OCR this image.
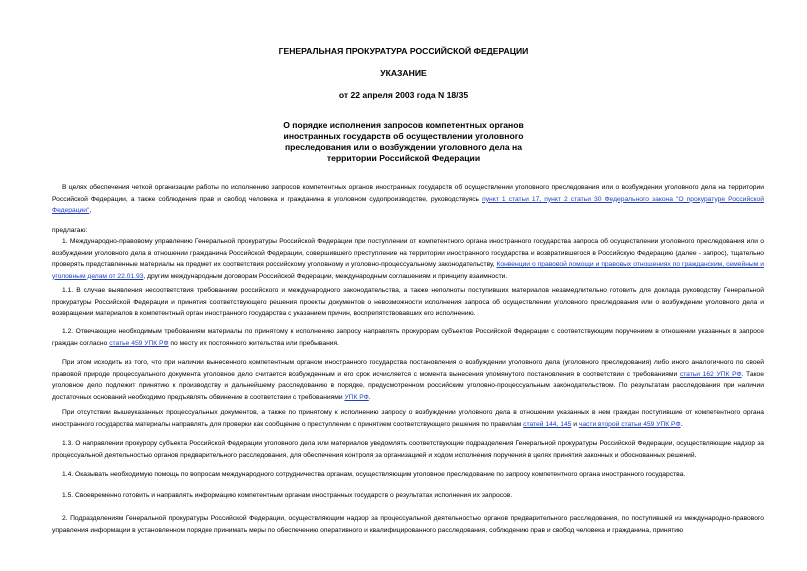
ГЕНЕРАЛЬНАЯ ПРОКУРАТУРА РОССИЙСКОЙ ФЕДЕРАЦИИ

УКАЗАНИЕ

от 22 апреля 2003 года N 18/35

О порядке исполнения запросов компетентных органов

иностранных государств об осуществлении уголовного

преследования или о возбуждении уголовного дела на

территории Российской Федерации

В целях обеспечения четкой организации работы по исполнению запросов компетентных органов иностранных государств об осуществлении уголовного преследования или о возбуждении уголовного дела на территории Российской Федерации, а также соблюдения прав и свобод человека и гражданина в уголовном судопроизводстве, руководствуясь пункт 1 статьи 17, пункт 2 статьи 30 Федерального закона "О прокуратуре Российской Федерации",

предлагаю:

1. Международно-правовому управлению Генеральной прокуратуры Российской Федерации при поступлении от компетентного органа иностранного государства запроса об осуществлении уголовного преследования или о возбуждении уголовного дела в отношении гражданина Российской Федерации, совершившего преступление на территории иностранного государства и возвратившегося в Российскую Федерацию (далее - запрос), тщательно проверять представленные материалы на предмет их соответствия российскому уголовному и уголовно-процессуальному законодательству, Конвенции о правовой помощи и правовых отношениях по гражданским, семейным и уголовным делам от 22.01.93, другим международным договорам Российской Федерации, международным соглашениям и принципу взаимности.

1.1. В случае выявления несоответствия требованиям российского и международного законодательства, а также неполноты поступивших материалов незамедлительно готовить для доклада руководству Генеральной прокуратуры Российской Федерации и принятия соответствующего решения проекты документов о невозможности исполнения запроса об осуществлении уголовного преследования или о возбуждении уголовного дела и возвращении материалов в компетентный орган иностранного государства с указанием причин, воспрепятствовавших его исполнению.

1.2. Отвечающие необходимым требованиям материалы по принятому к исполнению запросу направлять прокурорам субъектов Российской Федерации с соответствующим поручением в отношении указанных в запросе граждан согласно статье 459 УПК РФ по месту их постоянного жительства или пребывания.

При этом исходить из того, что при наличии вынесенного компетентным органом иностранного государства постановления о возбуждении уголовного дела (уголовного преследования) либо иного аналогичного по своей правовой природе процессуального документа уголовное дело считается возбужденным и его срок исчисляется с момента вынесения упомянутого постановления в соответствии с требованиями статьи 162 УПК РФ. Такое уголовное дело подлежит принятию к производству и дальнейшему расследованию в порядке, предусмотренном российским уголовно-процессуальным законодательством. По результатам расследования при наличии достаточных оснований необходимо предъявлять обвинение в соответствии с требованиями УПК РФ.

При отсутствии вышеуказанных процессуальных документов, а также по принятому к исполнению запросу о возбуждении уголовного дела в отношении указанных в нем граждан поступившие от компетентного органа иностранного государства материалы направлять для проверки как сообщение о преступлении с принятием соответствующего решения по правилам статей 144, 145 и части второй статьи 459 УПК РФ.

1.3. О направлении прокурору субъекта Российской Федерации уголовного дела или материалов уведомлять соответствующие подразделения Генеральной прокуратуры Российской Федерации, осуществляющие надзор за процессуальной деятельностью органов предварительного расследования, для обеспечения контроля за организацией и ходом исполнения поручения в целях принятия законных и обоснованных решений.

1.4. Оказывать необходимую помощь по вопросам международного сотрудничества органам, осуществляющим уголовное преследование по запросу компетентного органа иностранного государства.

1.5. Своевременно готовить и направлять информацию компетентным органам иностранных государств о результатах исполнения их запросов.

2. Подразделениям Генеральной прокуратуры Российской Федерации, осуществляющим надзор за процессуальной деятельностью органов предварительного расследования, по поступившей из международно-правового управления информации в установленном порядке принимать меры по обеспечению оперативного и квалифицированного расследования, соблюдению прав и свобод человека и гражданина, принятию
